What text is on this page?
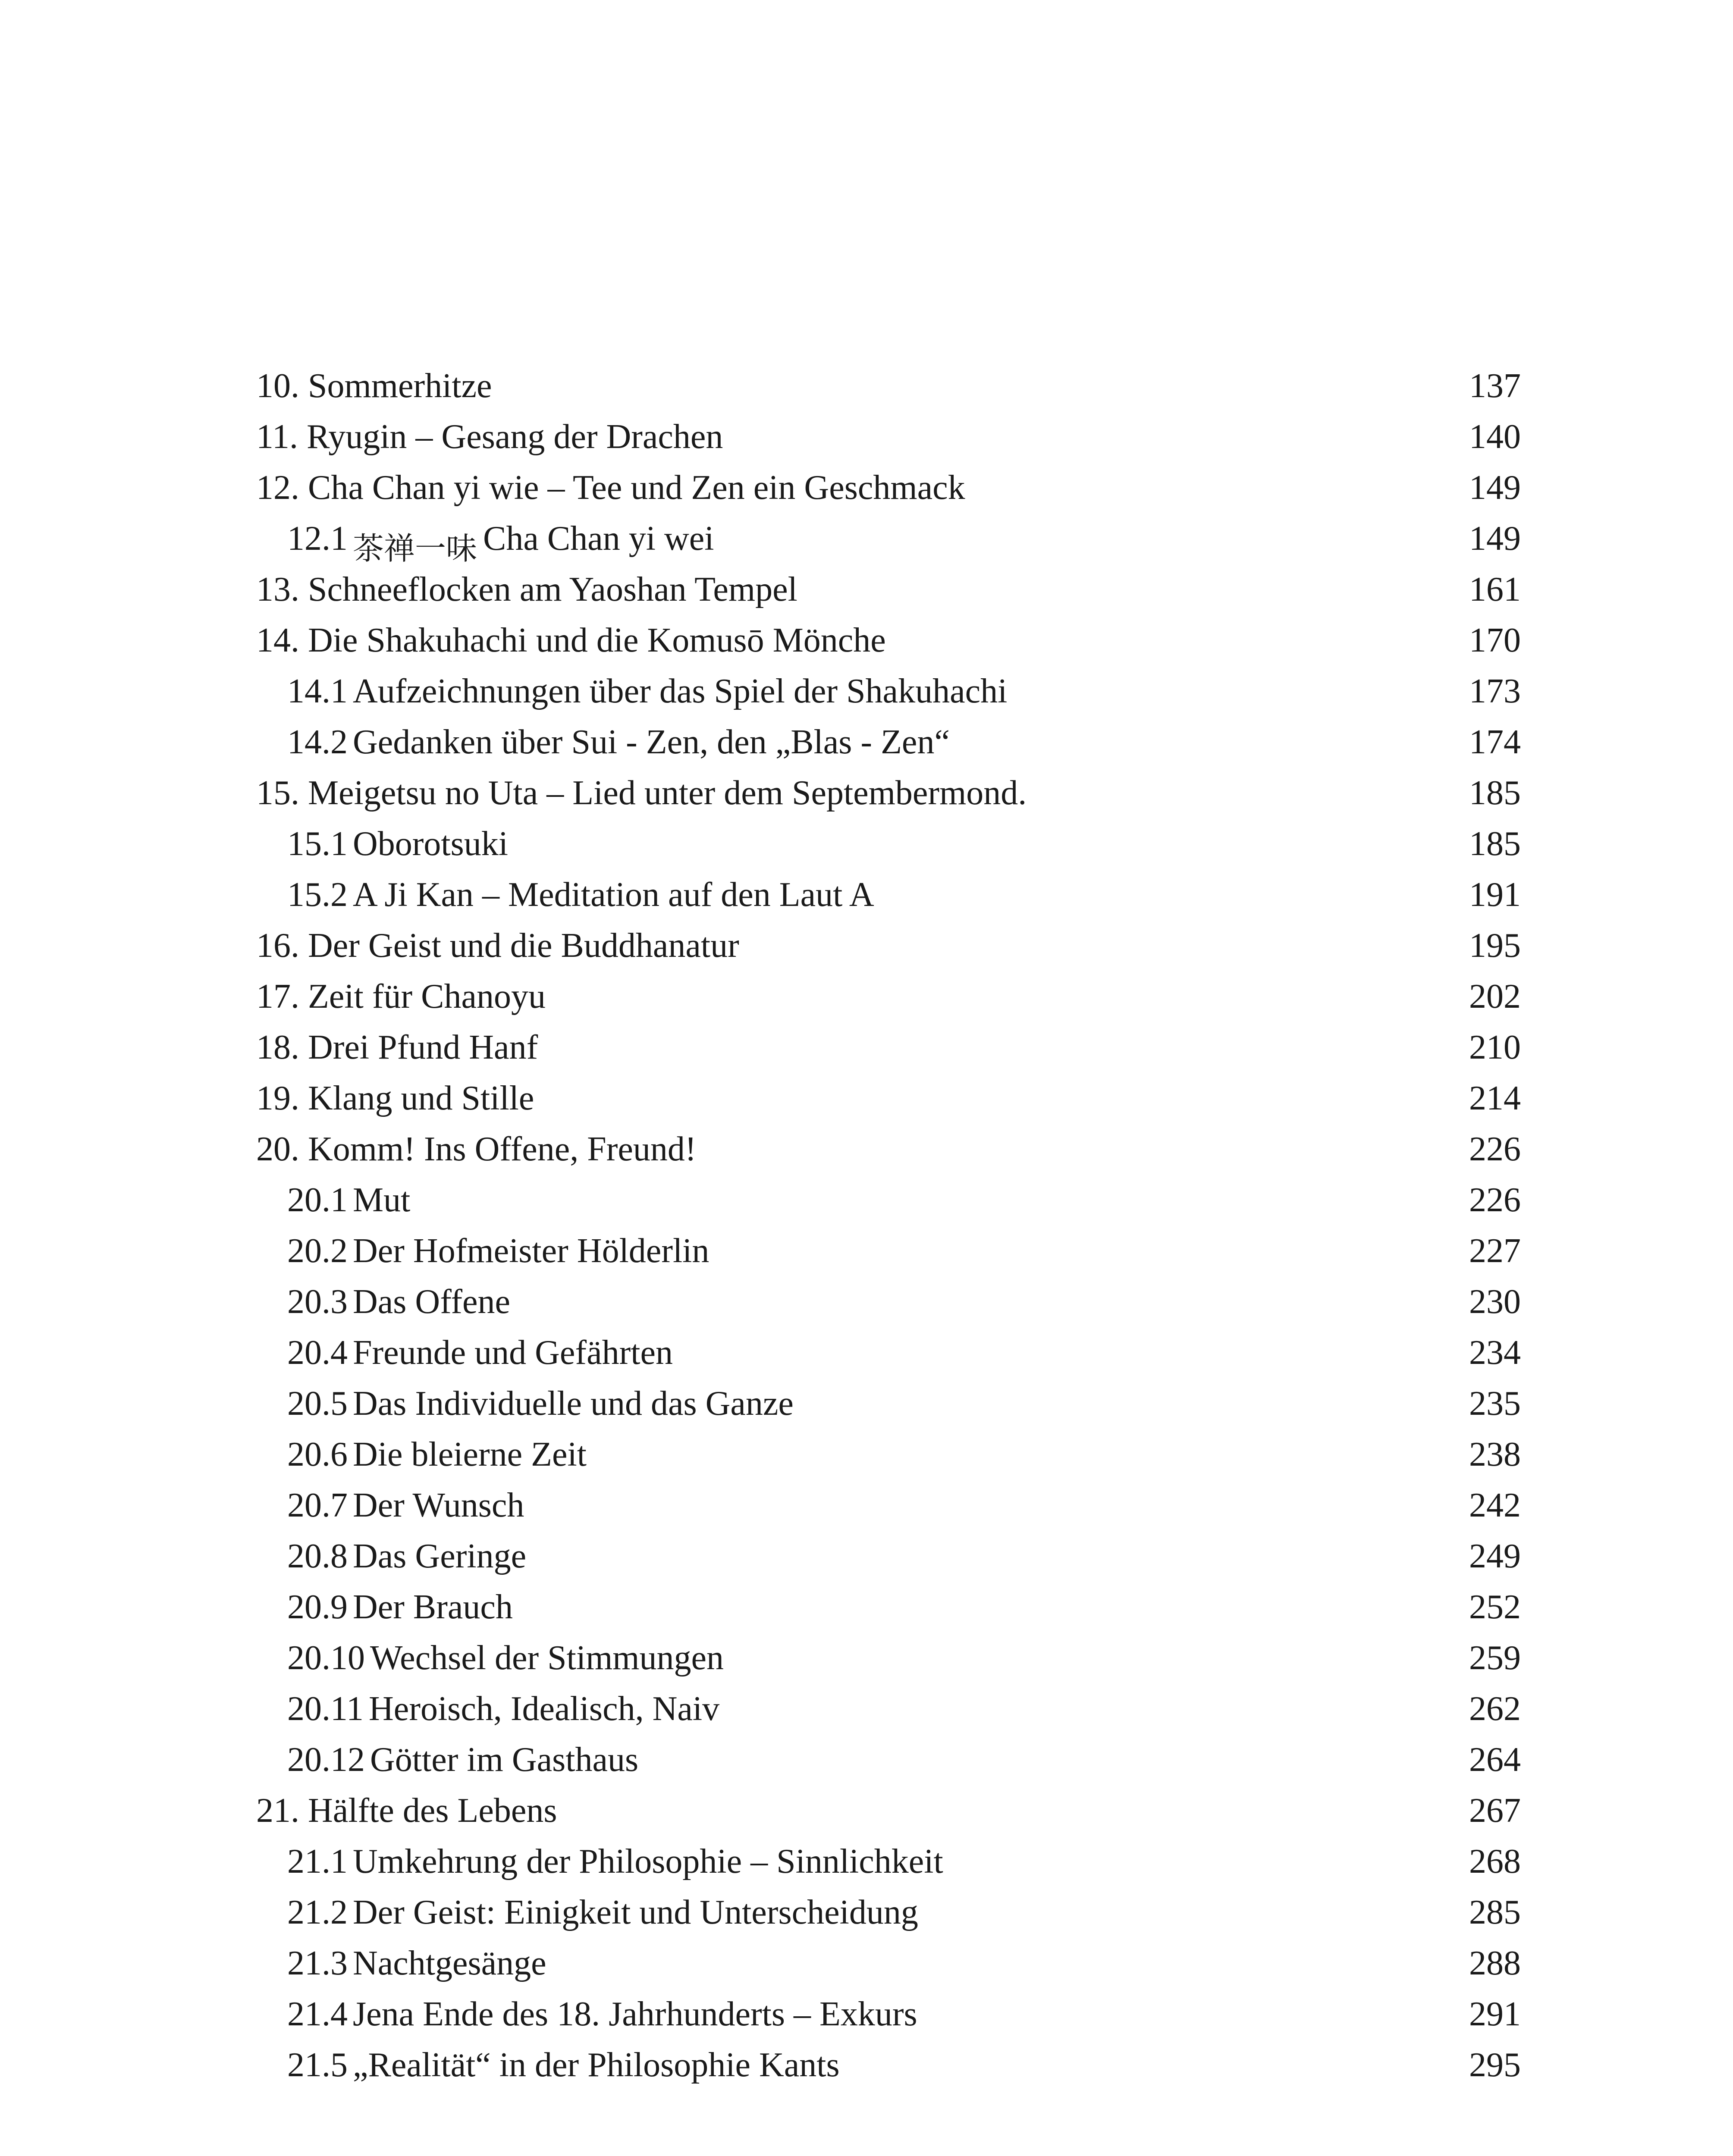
10. Sommerhitze	137
11. Ryugin – Gesang der Drachen	140
12. Cha Chan yi wie – Tee und Zen ein Geschmack	149
12.1 茶禅一味 Cha Chan yi wei	149
13. Schneeflocken am Yaoshan Tempel	161
14. Die Shakuhachi und die Komusō Mönche	170
14.1 Aufzeichnungen über das Spiel der Shakuhachi	173
14.2 Gedanken über Sui - Zen, den „Blas - Zen“	174
15. Meigetsu no Uta – Lied unter dem Septembermond.	185
15.1 Oborotsuki	185
15.2 A Ji Kan – Meditation auf den Laut A	191
16. Der Geist und die Buddhanatur	195
17. Zeit für Chanoyu	202
18. Drei Pfund Hanf	210
19. Klang und Stille	214
20. Komm! Ins Offene, Freund!	226
20.1 Mut	226
20.2 Der Hofmeister Hölderlin	227
20.3 Das Offene	230
20.4 Freunde und Gefährten	234
20.5 Das Individuelle und das Ganze	235
20.6 Die bleierne Zeit	238
20.7 Der Wunsch	242
20.8 Das Geringe	249
20.9 Der Brauch	252
20.10 Wechsel der Stimmungen	259
20.11 Heroisch, Idealisch, Naiv	262
20.12 Götter im Gasthaus	264
21. Hälfte des Lebens	267
21.1 Umkehrung der Philosophie – Sinnlichkeit	268
21.2 Der Geist: Einigkeit und Unterscheidung	285
21.3 Nachtgesänge	288
21.4 Jena Ende des 18. Jahrhunderts – Exkurs	291
21.5 „Realität“ in der Philosophie Kants	295
